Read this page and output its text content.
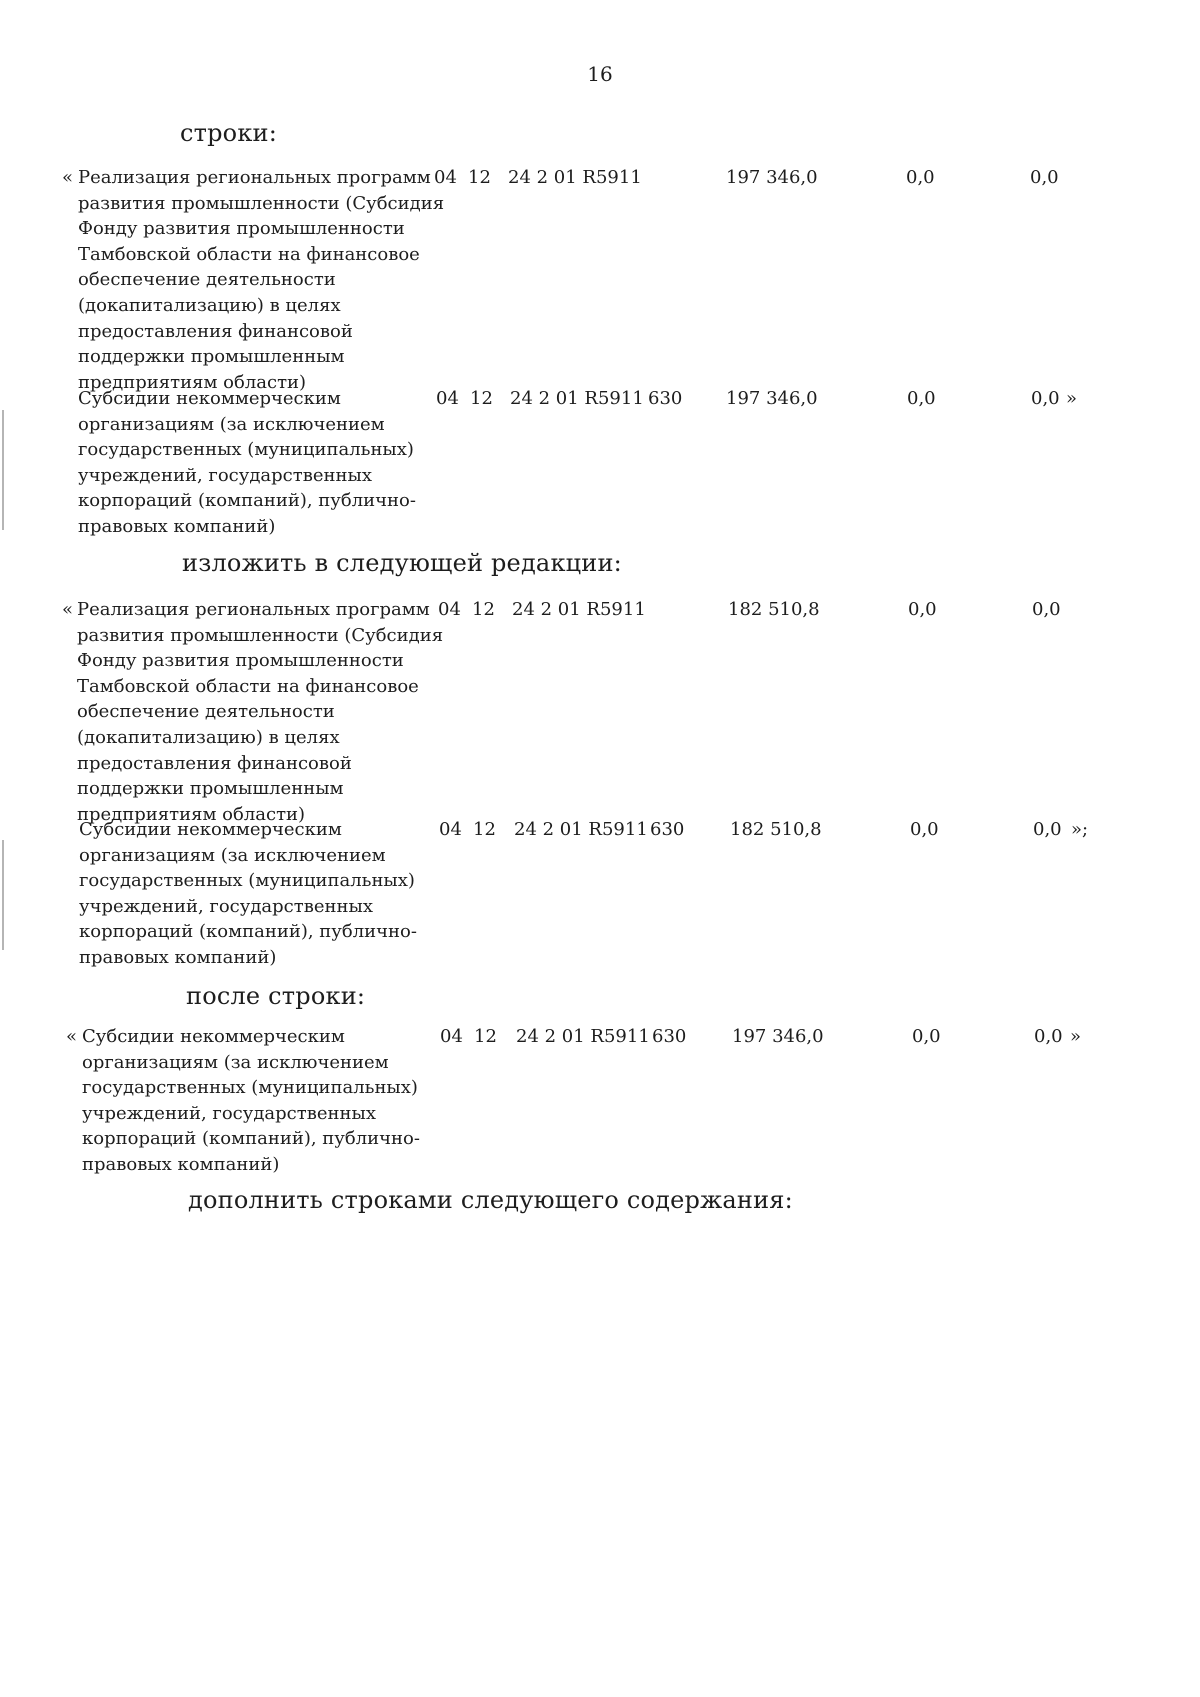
16
строки:
« Реализация региональных программ развития промышленности (Субсидия Фонду развития промышленности Тамбовской области на финансовое обеспечение деятельности (докапитализацию) в целях предоставления финансовой поддержки промышленным предприятиям области)
04 12 24 2 01 R5911	197 346,0	0,0	0,0
Субсидии некоммерческим организациям (за исключением государственных (муниципальных) учреждений, государственных корпораций (компаний), публично-правовых компаний)
04 12 24 2 01 R5911 630 197 346,0	0,0	0,0 »
изложить в следующей редакции:
« Реализация региональных программ развития промышленности (Субсидия Фонду развития промышленности Тамбовской области на финансовое обеспечение деятельности (докапитализацию) в целях предоставления финансовой поддержки промышленным предприятиям области)
04 12 24 2 01 R5911	182 510,8	0,0	0,0
Субсидии некоммерческим организациям (за исключением государственных (муниципальных) учреждений, государственных корпораций (компаний), публично-правовых компаний)
04 12 24 2 01 R5911 630	182 510,8	0,0	0,0 »;
после строки:
« Субсидии некоммерческим организациям (за исключением государственных (муниципальных) учреждений, государственных корпораций (компаний), публично-правовых компаний)
04 12 24 2 01 R5911 630	197 346,0	0,0	0,0 »
дополнить строками следующего содержания:
